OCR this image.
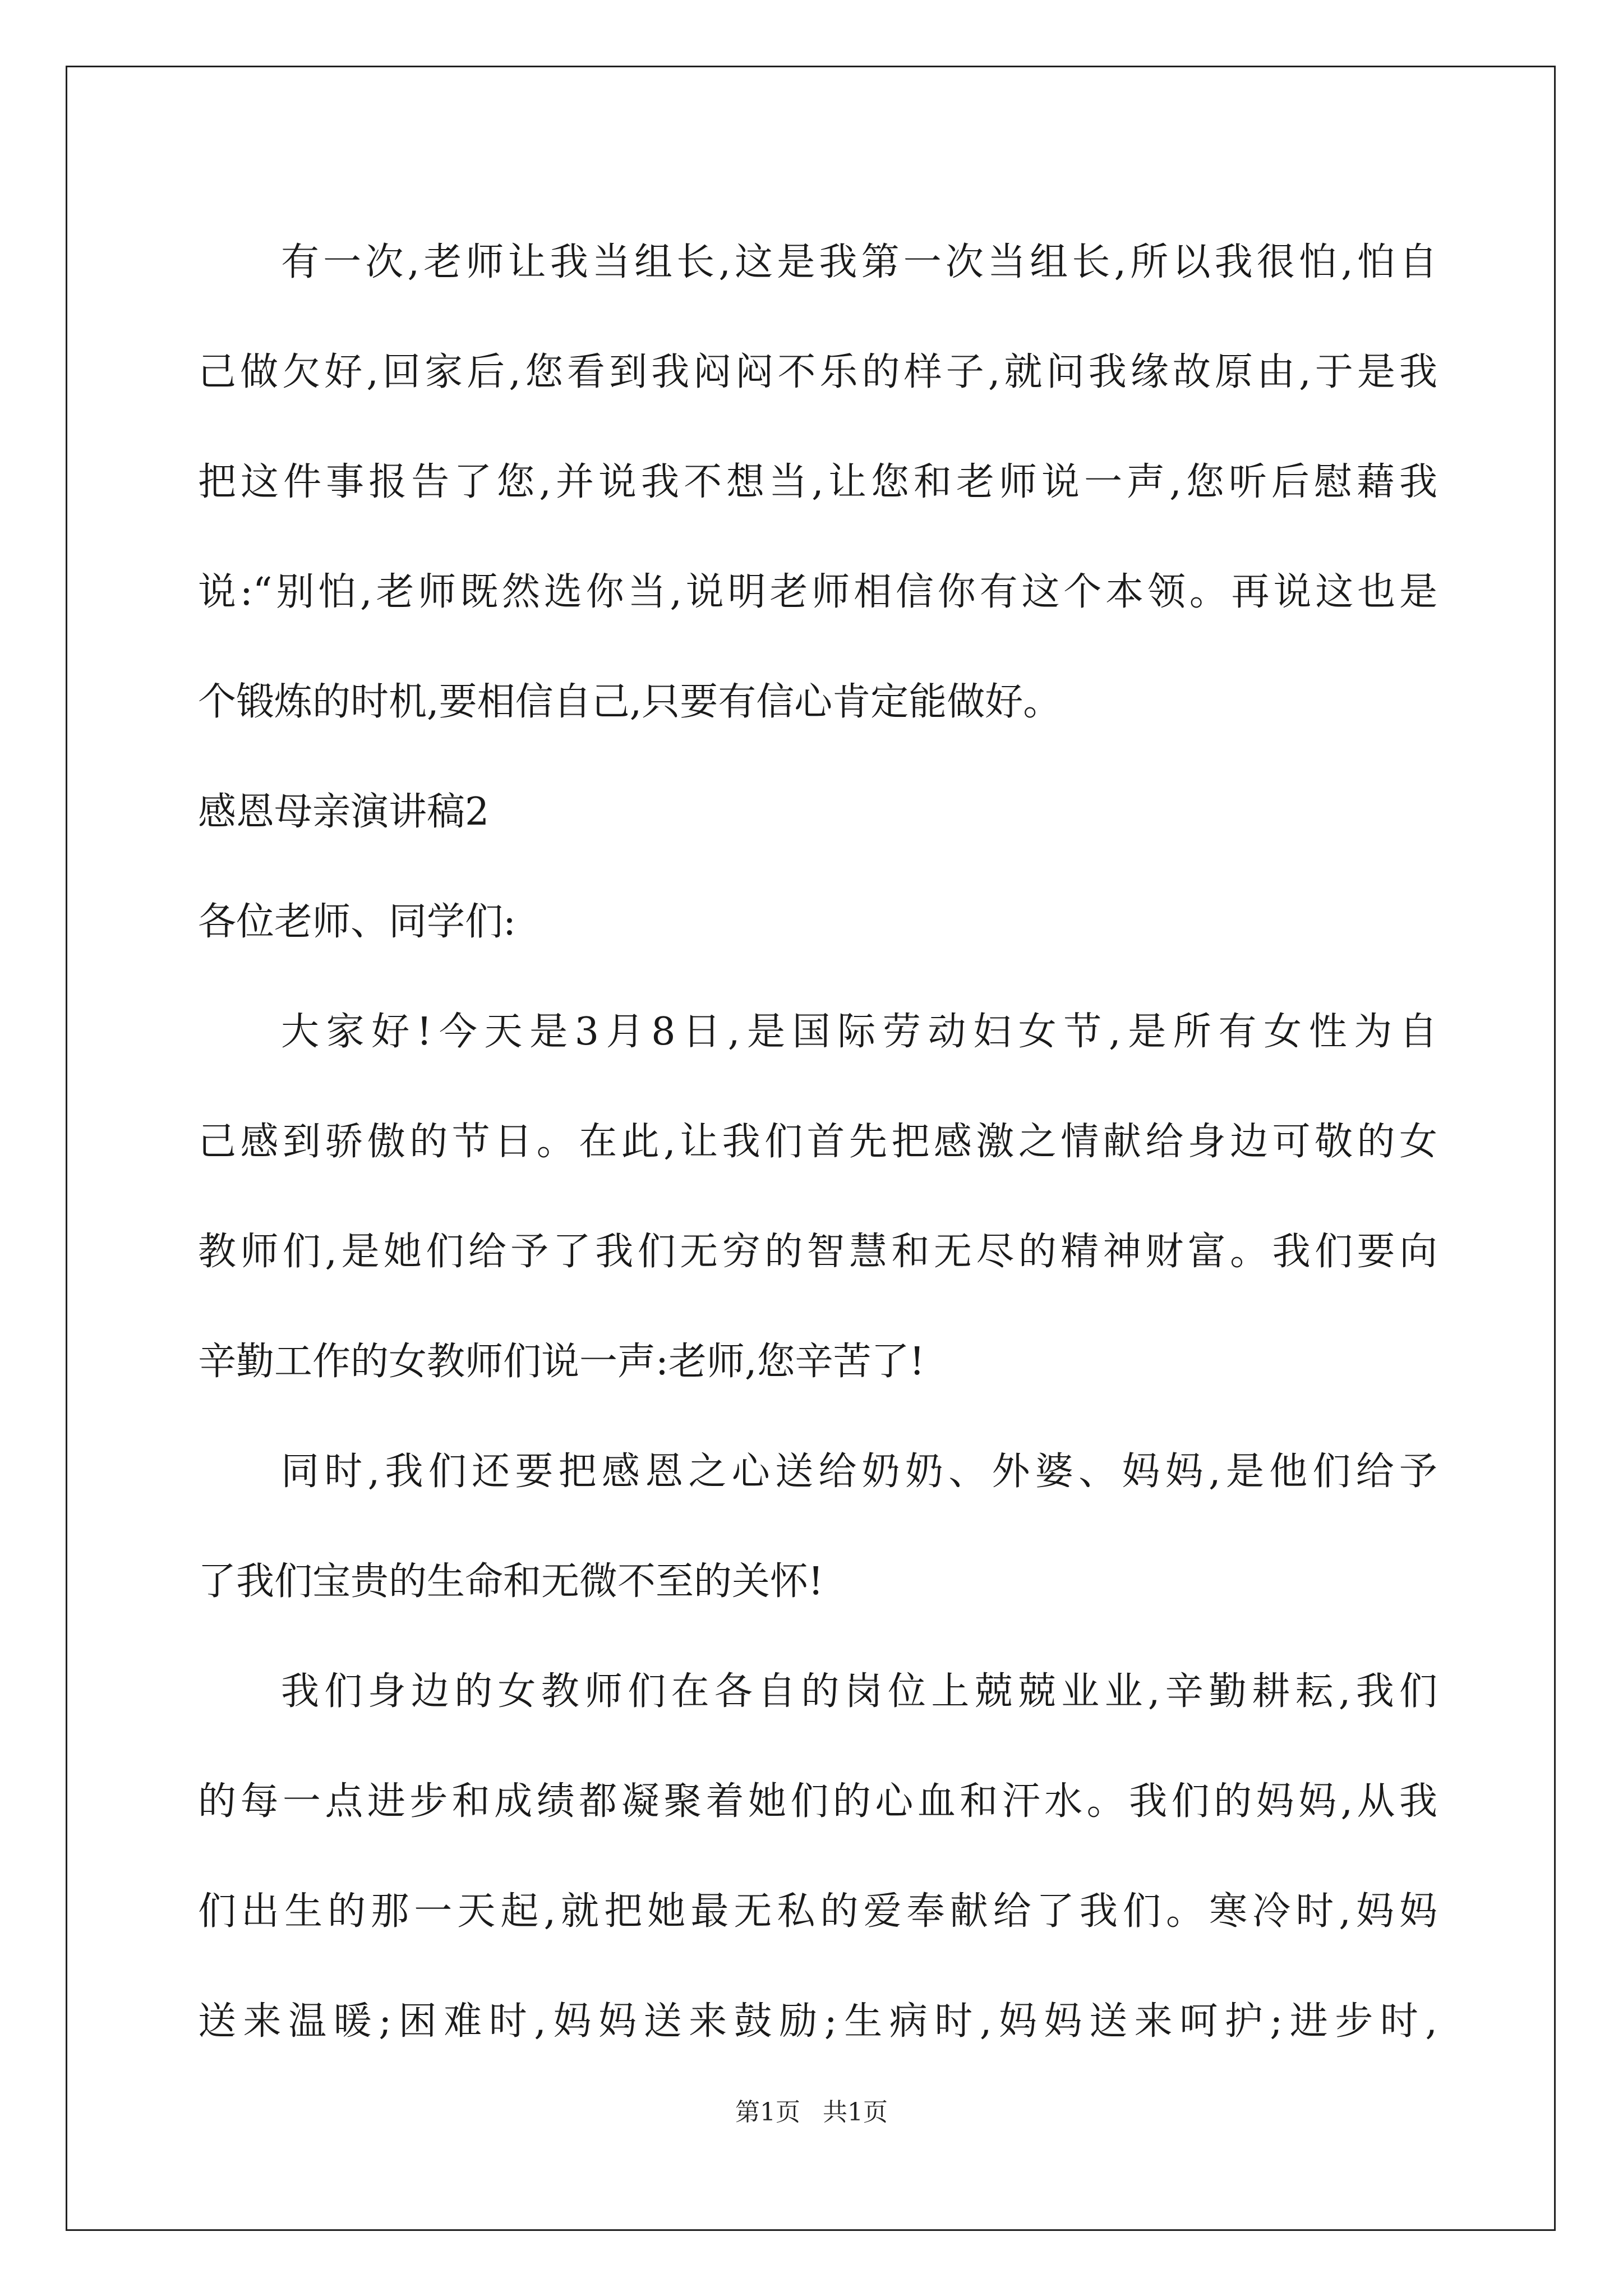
有一次,老师让我当组长,这是我第一次当组长,所以我很怕,怕自
己做欠好,回家后,您看到我闷闷不乐的样子,就问我缘故原由,于是我
把这件事报告了您,并说我不想当,让您和老师说一声,您听后慰藉我
说:“别怕,老师既然选你当,说明老师相信你有这个本领。再说这也是
个锻炼的时机,要相信自己,只要有信心肯定能做好。
感恩母亲演讲稿2
各位老师、同学们:
大家好!今天是3月8日,是国际劳动妇女节,是所有女性为自
己感到骄傲的节日。在此,让我们首先把感激之情献给身边可敬的女
教师们,是她们给予了我们无穷的智慧和无尽的精神财富。我们要向
辛勤工作的女教师们说一声:老师,您辛苦了!
同时,我们还要把感恩之心送给奶奶、外婆、妈妈,是他们给予
了我们宝贵的生命和无微不至的关怀!
我们身边的女教师们在各自的岗位上兢兢业业,辛勤耕耘,我们
的每一点进步和成绩都凝聚着她们的心血和汗水。我们的妈妈,从我
们出生的那一天起,就把她最无私的爱奉献给了我们。寒冷时,妈妈
送来温暖;困难时,妈妈送来鼓励;生病时,妈妈送来呵护;进步时,
第1页 共1页
